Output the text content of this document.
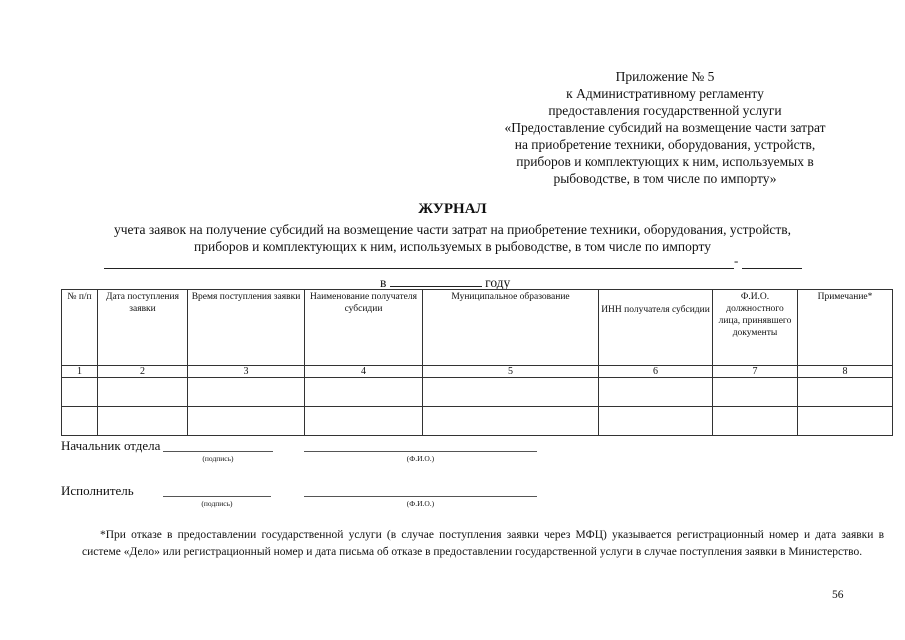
Приложение № 5
к Административному регламенту
предоставления государственной услуги
«Предоставление субсидий на возмещение части затрат
на приобретение техники, оборудования, устройств,
приборов и комплектующих к ним, используемых в
рыбоводстве, в том числе по импорту»
ЖУРНАЛ
учета заявок на получение субсидий на возмещение части затрат на приобретение техники, оборудования, устройств,
приборов и комплектующих к ним, используемых в рыбоводстве, в том числе по импорту
-
в	году
№ п/п	Дата поступления заявки	Время поступления заявки	Наименование получателя субсидии	Муниципальное образование	ИНН получателя субсидии	Ф.И.О. должностного лица, принявшего документы	Примечание*
1	2	3	4	5	6	7	8

Начальник отдела
(подпись)	(Ф.И.О.)
Исполнитель
(подпись)	(Ф.И.О.)
*При отказе в предоставлении государственной услуги (в случае поступления заявки через МФЦ) указывается регистрационный номер и дата заявки в системе «Дело» или регистрационный номер и дата письма об отказе в предоставлении государственной услуги в случае поступления заявки в Министерство.
56
